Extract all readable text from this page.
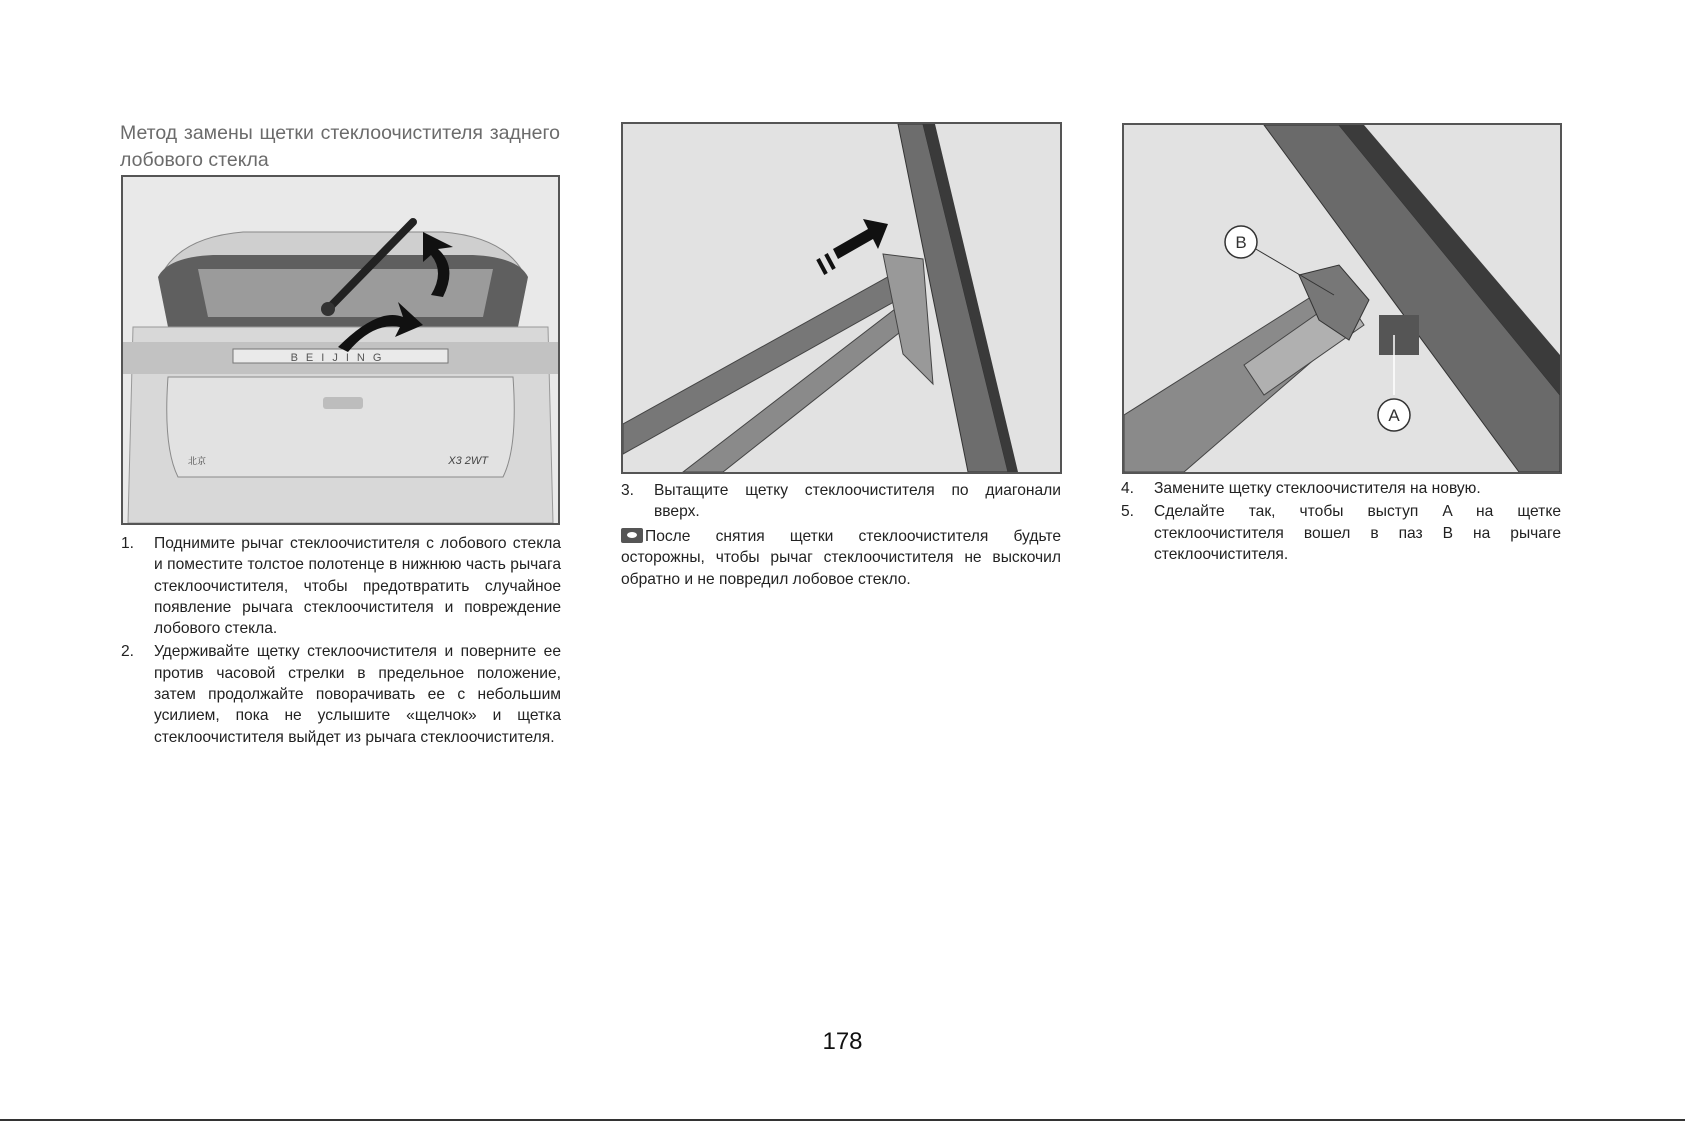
Метод замены щетки стеклоочистителя заднего лобового стекла
BEIJING
北京	X3 2WT
1. Поднимите рычаг стеклоочистителя с лобового стекла и поместите толстое полотенце в нижнюю часть рычага стеклоочистителя, чтобы предотвратить случайное появление рычага стеклоочистителя и повреждение лобового стекла.
2. Удерживайте щетку стеклоочистителя и поверните ее против часовой стрелки в предельное положение, затем продолжайте поворачивать ее с небольшим усилием, пока не услышите «щелчок» и щетка стеклоочистителя выйдет из рычага стеклоочистителя.
3. Вытащите щетку стеклоочистителя по диагонали вверх.
После снятия щетки стеклоочистителя будьте осторожны, чтобы рычаг стеклоочистителя не выскочил обратно и не повредил лобовое стекло.
B
A
4. Замените щетку стеклоочистителя на новую.
5. Сделайте так, чтобы выступ A на щетке стеклоочистителя вошел в паз B на рычаге стеклоочистителя.
178
